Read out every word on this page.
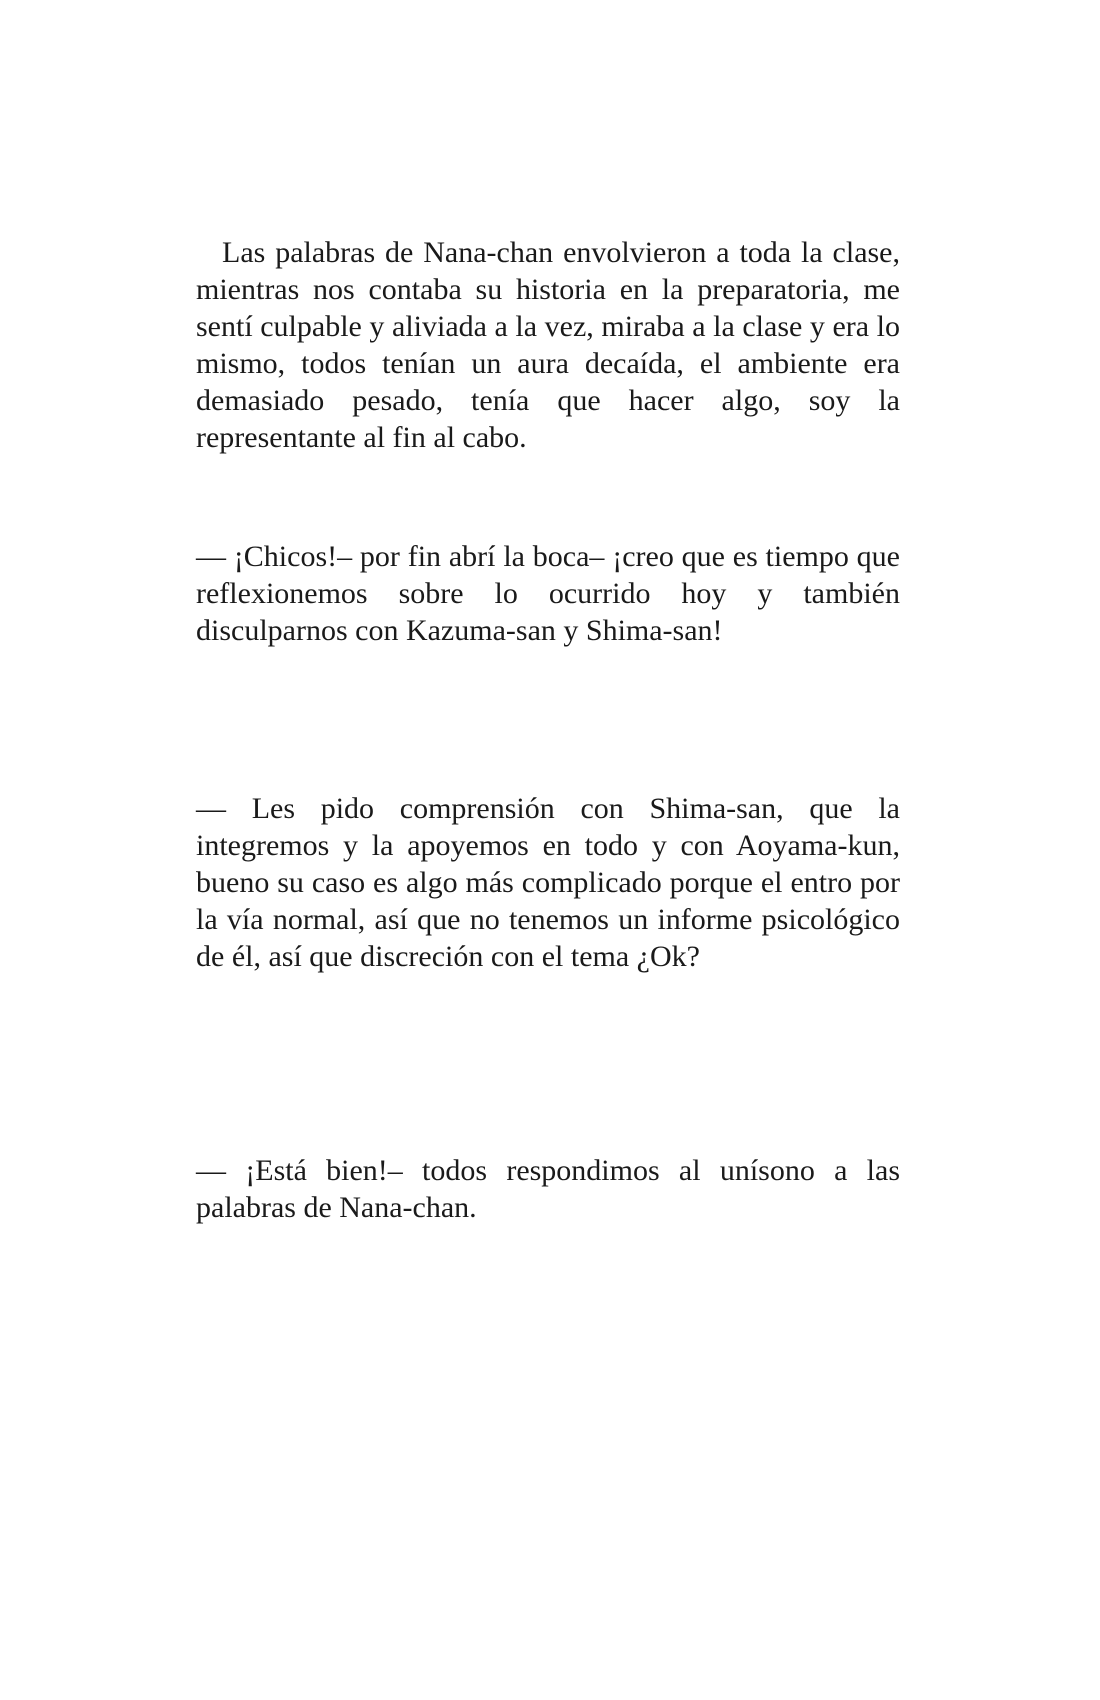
Las palabras de Nana-chan envolvieron a toda la clase, mientras nos contaba su historia en la preparatoria, me sentí culpable y aliviada a la vez, miraba a la clase y era lo mismo, todos tenían un aura decaída, el ambiente era demasiado pesado, tenía que hacer algo, soy la representante al fin al cabo.

— ¡Chicos!– por fin abrí la boca– ¡creo que es tiempo que reflexionemos sobre lo ocurrido hoy y también disculparnos con Kazuma-san y Shima-san!

— Les pido comprensión con Shima-san, que la integremos y la apoyemos en todo y con Aoyama-kun, bueno su caso es algo más complicado porque el entro por la vía normal, así que no tenemos un informe psicológico de él, así que discreción con el tema ¿Ok?

— ¡Está bien!– todos respondimos al unísono a las palabras de Nana-chan.
